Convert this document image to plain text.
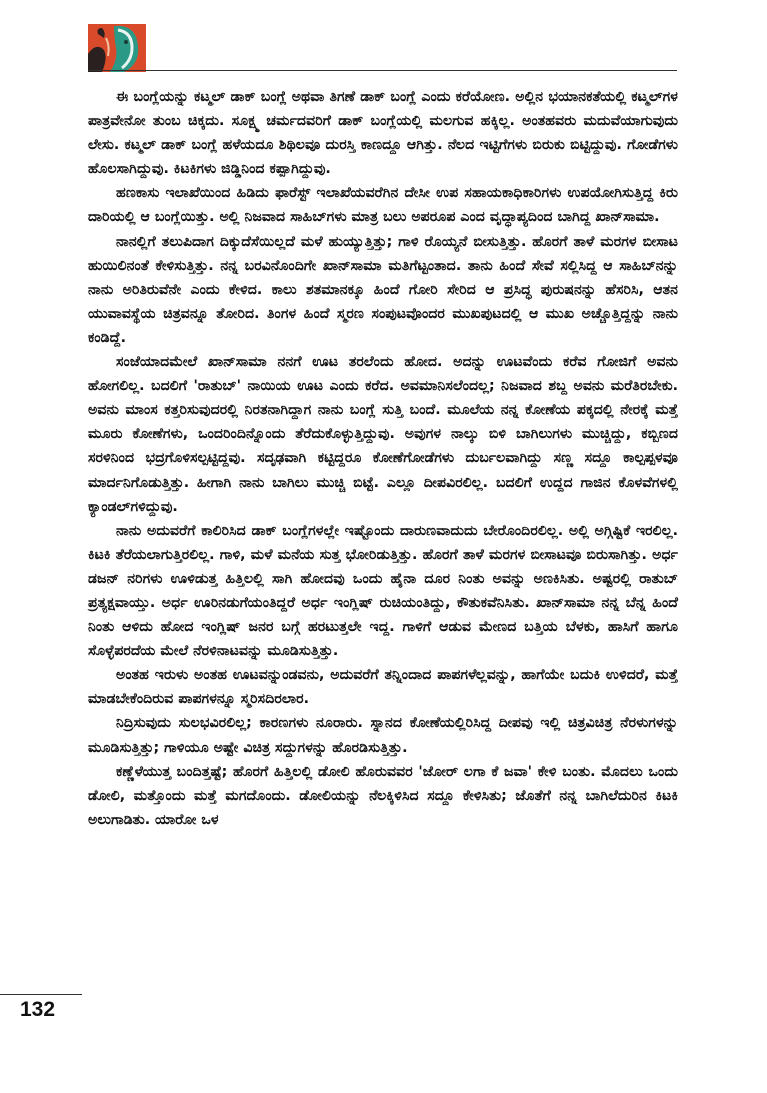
ಈ ಬಂಗ್ಲೆಯನ್ನು ಕಟ್ಮಲ್ ಡಾಕ್ ಬಂಗ್ಲೆ ಅಥವಾ ತಿಗಣೆ ಡಾಕ್ ಬಂಗ್ಲೆ ಎಂದು ಕರೆಯೋಣ. ಅಲ್ಲಿನ ಭಯಾನಕತೆಯಲ್ಲಿ ಕಟ್ಮಲ್‌ಗಳ ಪಾತ್ರವೇನೋ ತುಂಬ ಚಿಕ್ಕದು. ಸೂಕ್ಷ್ಮ ಚರ್ಮದವರಿಗೆ ಡಾಕ್ ಬಂಗ್ಲೆಯಲ್ಲಿ ಮಲಗುವ ಹಕ್ಕಿಲ್ಲ. ಅಂತಹವರು ಮದುವೆಯಾಗುವುದು ಲೇಸು. ಕಟ್ಮಲ್ ಡಾಕ್ ಬಂಗ್ಲೆ ಹಳೆಯದೂ ಶಿಥಿಲವೂ ದುರಸ್ತಿ ಕಾಣದ್ದೂ ಆಗಿತ್ತು. ನೆಲದ ಇಟ್ಟಿಗೆಗಳು ಬಿರುಕು ಬಿಟ್ಟಿದ್ದುವು. ಗೋಡೆಗಳು ಹೊಲಸಾಗಿದ್ದುವು. ಕಿಟಕಿಗಳು ಜಿಡ್ಡಿನಿಂದ ಕಪ್ಪಾಗಿದ್ದುವು.

ಹಣಕಾಸು ಇಲಾಖೆಯಿಂದ ಹಿಡಿದು ಫಾರೆಸ್ಟ್ ಇಲಾಖೆಯವರೆಗಿನ ದೇಸೀ ಉಪ ಸಹಾಯಕಾಧಿಕಾರಿಗಳು ಉಪಯೋಗಿಸುತ್ತಿದ್ದ ಕಿರು ದಾರಿಯಲ್ಲಿ ಆ ಬಂಗ್ಲೆಯಿತ್ತು. ಅಲ್ಲಿ ನಿಜವಾದ ಸಾಹಿಬ್‌ಗಳು ಮಾತ್ರ ಬಲು ಅಪರೂಪ ಎಂದ ವೃದ್ಧಾಪ್ಯದಿಂದ ಬಾಗಿದ್ದ ಖಾನ್‌ಸಾಮಾ.

ನಾನಲ್ಲಿಗೆ ತಲುಪಿದಾಗ ದಿಕ್ಕುದೆಸೆಯಿಲ್ಲದೆ ಮಳೆ ಹುಯ್ಯುತ್ತಿತ್ತು; ಗಾಳಿ ರೊಯ್ಯನೆ ಬೀಸುತ್ತಿತ್ತು. ಹೊರಗೆ ತಾಳೆ ಮರಗಳ ಬೀಸಾಟ ಹುಯಿಲಿನಂತೆ ಕೇಳಿಸುತ್ತಿತ್ತು. ನನ್ನ ಬರವಿನೊಂದಿಗೇ ಖಾನ್‌ಸಾಮಾ ಮತಿಗೆಟ್ಟಂತಾದ. ತಾನು ಹಿಂದೆ ಸೇವೆ ಸಲ್ಲಿಸಿದ್ದ ಆ ಸಾಹಿಬ್‌ನನ್ನು ನಾನು ಅರಿತಿರುವೆನೇ ಎಂದು ಕೇಳಿದ. ಕಾಲು ಶತಮಾನಕ್ಕೂ ಹಿಂದೆ ಗೋರಿ ಸೇರಿದ ಆ ಪ್ರಸಿದ್ಧ ಪುರುಷನನ್ನು ಹೆಸರಿಸಿ, ಆತನ ಯುವಾವಸ್ಥೆಯ ಚಿತ್ರವನ್ನೂ ತೋರಿದ. ತಿಂಗಳ ಹಿಂದೆ ಸ್ಮರಣ ಸಂಪುಟವೊಂದರ ಮುಖಪುಟದಲ್ಲಿ ಆ ಮುಖ ಅಚ್ಚೊತ್ತಿದ್ದನ್ನು ನಾನು ಕಂಡಿದ್ದೆ.

ಸಂಜೆಯಾದಮೇಲೆ ಖಾನ್‌ಸಾಮಾ ನನಗೆ ಊಟ ತರಲೆಂದು ಹೋದ. ಅದನ್ನು ಊಟವೆಂದು ಕರೆವ ಗೋಜಿಗೆ ಅವನು ಹೋಗಲಿಲ್ಲ. ಬದಲಿಗೆ 'ರಾತುಬ್' ನಾಯಿಯ ಊಟ ಎಂದು ಕರೆದ. ಅವಮಾನಿಸಲೆಂದಲ್ಲ; ನಿಜವಾದ ಶಬ್ದ ಅವನು ಮರೆತಿರಬೇಕು. ಅವನು ಮಾಂಸ ಕತ್ತರಿಸುವುದರಲ್ಲಿ ನಿರತನಾಗಿದ್ದಾಗ ನಾನು ಬಂಗ್ಲೆ ಸುತ್ತಿ ಬಂದೆ. ಮೂಲೆಯ ನನ್ನ ಕೋಣೆಯ ಪಕ್ಕದಲ್ಲಿ ನೇರಕ್ಕೆ ಮತ್ತೆ ಮೂರು ಕೋಣೆಗಳು, ಒಂದರಿಂದಿನ್ನೊಂದು ತೆರೆದುಕೊಳ್ಳುತ್ತಿದ್ದುವು. ಅವುಗಳ ನಾಲ್ಕು ಬಿಳಿ ಬಾಗಿಲುಗಳು ಮುಚ್ಚಿದ್ದು, ಕಬ್ಬಿಣದ ಸರಳಿನಿಂದ ಭದ್ರಗೊಳಿಸಲ್ಪಟ್ಟಿದ್ದವು. ಸದೃಢವಾಗಿ ಕಟ್ಟಿದ್ದರೂ ಕೋಣೆಗೋಡೆಗಳು ದುರ್ಬಲವಾಗಿದ್ದು ಸಣ್ಣ ಸದ್ದೂ ಕಾಲ್ಪಪ್ಪಳವೂ ಮಾರ್ದನಿಗೊಡುತ್ತಿತ್ತು. ಹೀಗಾಗಿ ನಾನು ಬಾಗಿಲು ಮುಚ್ಚಿ ಬಿಟ್ಟೆ. ಎಲ್ಲೂ ದೀಪವಿರಲಿಲ್ಲ. ಬದಲಿಗೆ ಉದ್ದದ ಗಾಜಿನ ಕೊಳವೆಗಳಲ್ಲಿ ಕ್ಯಾಂಡಲ್‌ಗಳಿದ್ದುವು.

ನಾನು ಅದುವರೆಗೆ ಕಾಲಿರಿಸಿದ ಡಾಕ್ ಬಂಗ್ಲೆಗಳಲ್ಲೇ ಇಷ್ಟೊಂದು ದಾರುಣವಾದುದು ಬೇರೊಂದಿರಲಿಲ್ಲ. ಅಲ್ಲಿ ಅಗ್ಗಿಷ್ಟಿಕೆ ಇರಲಿಲ್ಲ. ಕಿಟಕಿ ತೆರೆಯಲಾಗುತ್ತಿರಲಿಲ್ಲ. ಗಾಳಿ, ಮಳೆ ಮನೆಯ ಸುತ್ತ ಭೋರಿಡುತ್ತಿತ್ತು. ಹೊರಗೆ ತಾಳೆ ಮರಗಳ ಬೀಸಾಟವೂ ಬಿರುಸಾಗಿತ್ತು. ಅರ್ಧ ಡಜನ್ ನರಿಗಳು ಊಳಿಡುತ್ತ ಹಿತ್ತಿಲಲ್ಲಿ ಸಾಗಿ ಹೋದವು ಒಂದು ಹೈನಾ ದೂರ ನಿಂತು ಅವನ್ನು ಅಣಕಿಸಿತು. ಅಷ್ಟರಲ್ಲಿ ರಾತುಬ್ ಪ್ರತ್ಯಕ್ಷವಾಯ್ತು. ಅರ್ಧ ಊರಿನಡುಗೆಯಂತಿದ್ದರೆ ಅರ್ಧ ಇಂಗ್ಲಿಷ್ ರುಚಿಯಂತಿದ್ದು, ಕೌತುಕವೆನಿಸಿತು. ಖಾನ್‌ಸಾಮಾ ನನ್ನ ಬೆನ್ನ ಹಿಂದೆ ನಿಂತು ಆಳಿದು ಹೋದ ಇಂಗ್ಲಿಷ್ ಜನರ ಬಗ್ಗೆ ಹರಟುತ್ತಲೇ ಇದ್ದ. ಗಾಳಿಗೆ ಆಡುವ ಮೇಣದ ಬತ್ತಿಯ ಬೆಳಕು, ಹಾಸಿಗೆ ಹಾಗೂ ಸೊಳ್ಳೆಪರದೆಯ ಮೇಲೆ ನೆರಳಿನಾಟವನ್ನು ಮೂಡಿಸುತ್ತಿತ್ತು.

ಅಂತಹ ಇರುಳು ಅಂತಹ ಊಟವನ್ನುಂಡವನು, ಅದುವರೆಗೆ ತನ್ನಿಂದಾದ ಪಾಪಗಳೆಲ್ಲವನ್ನು, ಹಾಗೆಯೇ ಬದುಕಿ ಉಳಿದರೆ, ಮತ್ತೆ ಮಾಡಬೇಕೆಂದಿರುವ ಪಾಪಗಳನ್ನೂ ಸ್ಮರಿಸದಿರಲಾರ.

ನಿದ್ರಿಸುವುದು ಸುಲಭವಿರಲಿಲ್ಲ; ಕಾರಣಗಳು ನೂರಾರು. ಸ್ನಾನದ ಕೋಣೆಯಲ್ಲಿರಿಸಿದ್ದ ದೀಪವು ಇಲ್ಲಿ ಚಿತ್ರವಿಚಿತ್ರ ನೆರಳುಗಳನ್ನು ಮೂಡಿಸುತ್ತಿತ್ತು; ಗಾಳಿಯೂ ಅಷ್ಟೇ ವಿಚಿತ್ರ ಸದ್ದುಗಳನ್ನು ಹೊರಡಿಸುತ್ತಿತ್ತು.

ಕಣ್ಣೆಳೆಯುತ್ತ ಬಂದಿತ್ತಷ್ಟೆ; ಹೊರಗೆ ಹಿತ್ತಿಲಲ್ಲಿ ಡೋಲಿ ಹೊರುವವರ 'ಜೋರ್ ಲಗಾ ಕೆ ಜವಾ' ಕೇಳಿ ಬಂತು. ಮೊದಲು ಒಂದು ಡೋಲಿ, ಮತ್ತೊಂದು ಮತ್ತೆ ಮಗದೊಂದು. ಡೋಲಿಯನ್ನು ನೆಲಕ್ಕಿಳಿಸಿದ ಸದ್ದೂ ಕೇಳಿಸಿತು; ಜೊತೆಗೆ ನನ್ನ ಬಾಗಿಲೆದುರಿನ ಕಿಟಕಿ ಅಲುಗಾಡಿತು. ಯಾರೋ ಒಳ

132
